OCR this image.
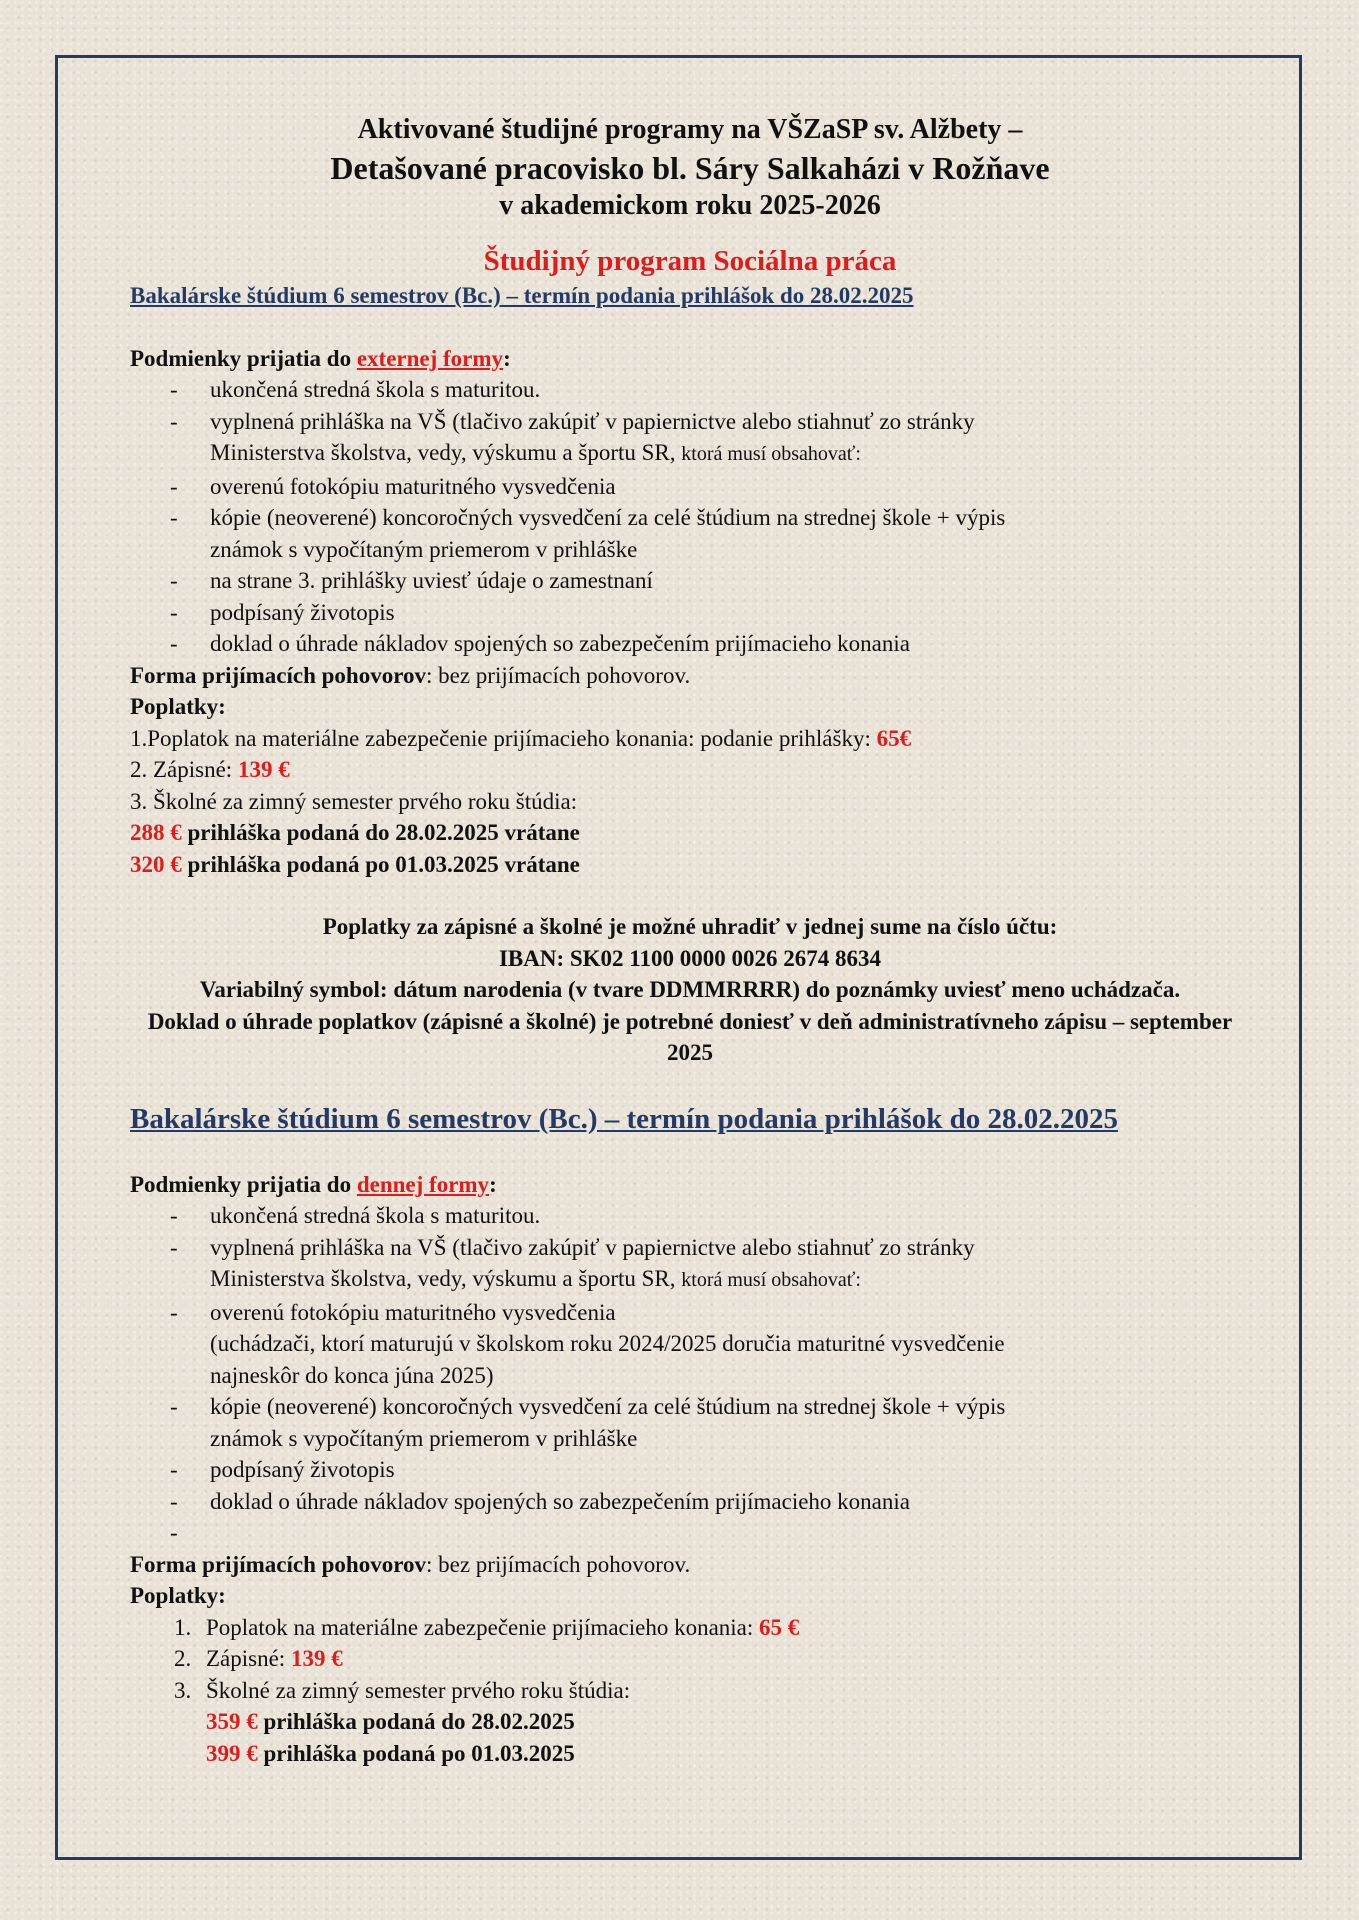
Aktivované študijné programy na VŠZaSP sv. Alžbety –
Detašované pracovisko bl. Sáry Salkaházi v Rožňave
v akademickom roku 2025-2026
Študijný program Sociálna práca
Bakalárske štúdium 6 semestrov (Bc.) – termín podania prihlášok do 28.02.2025
Podmienky prijatia do externej formy:
-	ukončená stredná škola s maturitou.
-	vyplnená prihláška na VŠ (tlačivo zakúpiť v papiernictve alebo stiahnuť zo stránky
Ministerstva školstva, vedy, výskumu a športu SR, ktorá musí obsahovať:
-	overenú fotokópiu maturitného vysvedčenia
-	kópie (neoverené) koncoročných vysvedčení za celé štúdium na strednej škole + výpis
známok s vypočítaným priemerom v prihláške
-	na strane 3. prihlášky uviesť údaje o zamestnaní
-	podpísaný životopis
-	doklad o úhrade nákladov spojených so zabezpečením prijímacieho konania
Forma prijímacích pohovorov: bez prijímacích pohovorov.
Poplatky:
1.Poplatok na materiálne zabezpečenie prijímacieho konania: podanie prihlášky: 65€
2. Zápisné: 139 €
3. Školné za zimný semester prvého roku štúdia:
288 € prihláška podaná do 28.02.2025 vrátane
320 € prihláška podaná po 01.03.2025 vrátane
Poplatky za zápisné a školné je možné uhradiť v jednej sume na číslo účtu:
IBAN: SK02 1100 0000 0026 2674 8634
Variabilný symbol: dátum narodenia (v tvare DDMMRRRR) do poznámky uviesť meno uchádzača.
Doklad o úhrade poplatkov (zápisné a školné) je potrebné doniesť v deň administratívneho zápisu – september 2025
Bakalárske štúdium 6 semestrov (Bc.) – termín podania prihlášok do 28.02.2025
Podmienky prijatia do dennej formy:
-	ukončená stredná škola s maturitou.
-	vyplnená prihláška na VŠ (tlačivo zakúpiť v papiernictve alebo stiahnuť zo stránky
Ministerstva školstva, vedy, výskumu a športu SR, ktorá musí obsahovať:
-	overenú fotokópiu maturitného vysvedčenia
(uchádzači, ktorí maturujú v školskom roku 2024/2025 doručia maturitné vysvedčenie
najneskôr do konca júna 2025)
-	kópie (neoverené) koncoročných vysvedčení za celé štúdium na strednej škole + výpis
známok s vypočítaným priemerom v prihláške
-	podpísaný životopis
-	doklad o úhrade nákladov spojených so zabezpečením prijímacieho konania
-
Forma prijímacích pohovorov: bez prijímacích pohovorov.
Poplatky:
1. Poplatok na materiálne zabezpečenie prijímacieho konania: 65 €
2. Zápisné: 139 €
3. Školné za zimný semester prvého roku štúdia:
359 € prihláška podaná do 28.02.2025
399 € prihláška podaná po 01.03.2025
